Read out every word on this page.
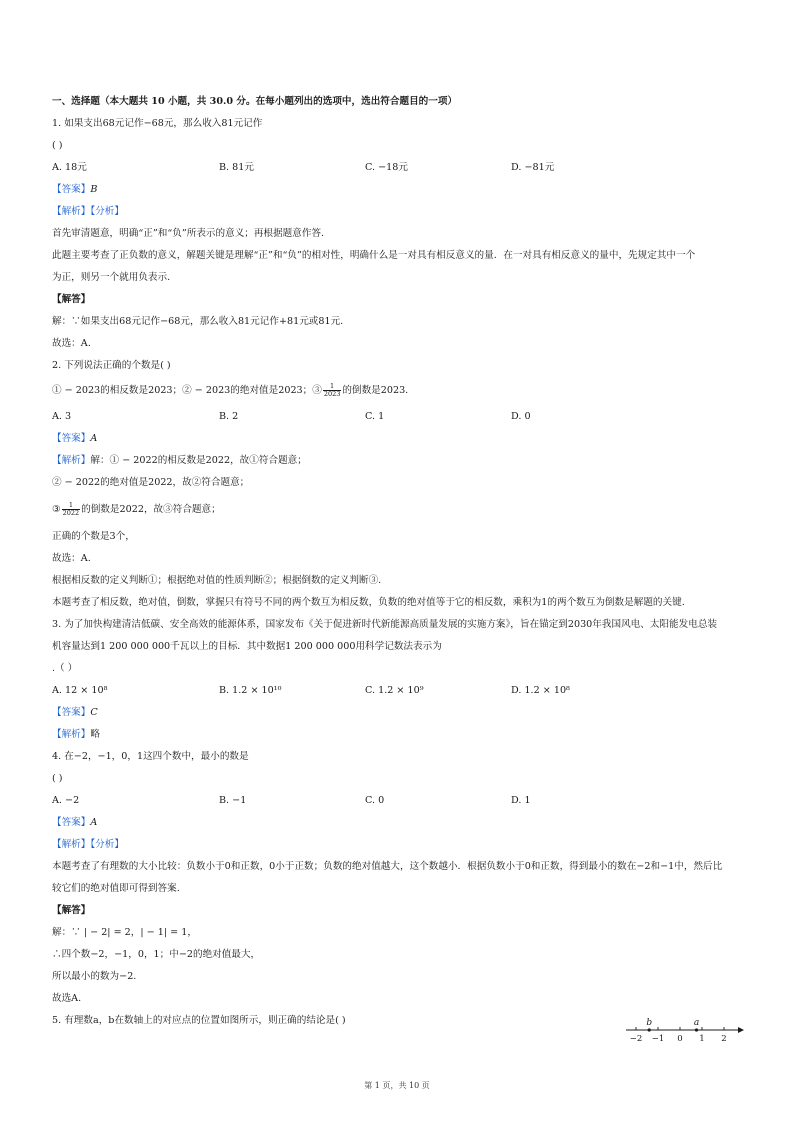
一、选择题（本大题共 10 小题，共 30.0 分。在每小题列出的选项中，选出符合题目的一项）
1. 如果支出68元记作−68元，那么收入81元记作
( )
A. 18元	B. 81元	C. −18元	D. −81元
【答案】B
【解析】【分析】
首先审清题意，明确“正”和“负”所表示的意义；再根据题意作答.
此题主要考查了正负数的意义，解题关键是理解“正”和“负”的相对性，明确什么是一对具有相反意义的量．在一对具有相反意义的量中，先规定其中一个
为正，则另一个就用负表示.
【解答】
解：∵如果支出68元记作−68元，那么收入81元记作+81元或81元.
故选：A.
2. 下列说法正确的个数是( )
① − 2023的相反数是2023；② − 2023的绝对值是2023；③ $\frac{1}{2023}$ 的倒数是2023.
A. 3	B. 2	C. 1	D. 0
【答案】A
【解析】解：① − 2022的相反数是2022，故①符合题意；
② − 2022的绝对值是2022，故②符合题意；
③ $\frac{1}{2022}$ 的倒数是2022，故③符合题意；
正确的个数是3个，
故选：A.
根据相反数的定义判断①；根据绝对值的性质判断②；根据倒数的定义判断③.
本题考查了相反数，绝对值，倒数，掌握只有符号不同的两个数互为相反数，负数的绝对值等于它的相反数，乘积为1的两个数互为倒数是解题的关键.
3. 为了加快构建清洁低碳、安全高效的能源体系，国家发布《关于促进新时代新能源高质量发展的实施方案》，旨在锚定到2030年我国风电、太阳能发电总装
机容量达到1 200 000 000千瓦以上的目标．其中数据1 200 000 000用科学记数法表示为
.（ ）
A. 12 × 10⁸	B. 1.2 × 10¹⁰	C. 1.2 × 10⁹	D. 1.2 × 10⁸
【答案】C
【解析】略
4. 在−2，−1，0，1这四个数中，最小的数是
( )
A. −2	B. −1	C. 0	D. 1
【答案】A
【解析】【分析】
本题考查了有理数的大小比较：负数小于0和正数，0小于正数；负数的绝对值越大，这个数越小．根据负数小于0和正数，得到最小的数在−2和−1中，然后比
较它们的绝对值即可得到答案.
【解答】
解：∵ | − 2| = 2，| − 1| = 1，
∴四个数−2，−1，0，1；中−2的绝对值最大，
所以最小的数为−2.
故选A.
5. 有理数a，b在数轴上的对应点的位置如图所示，则正确的结论是( )
−2 −1 0 1 2
b	a
第 1 页，共 10 页
